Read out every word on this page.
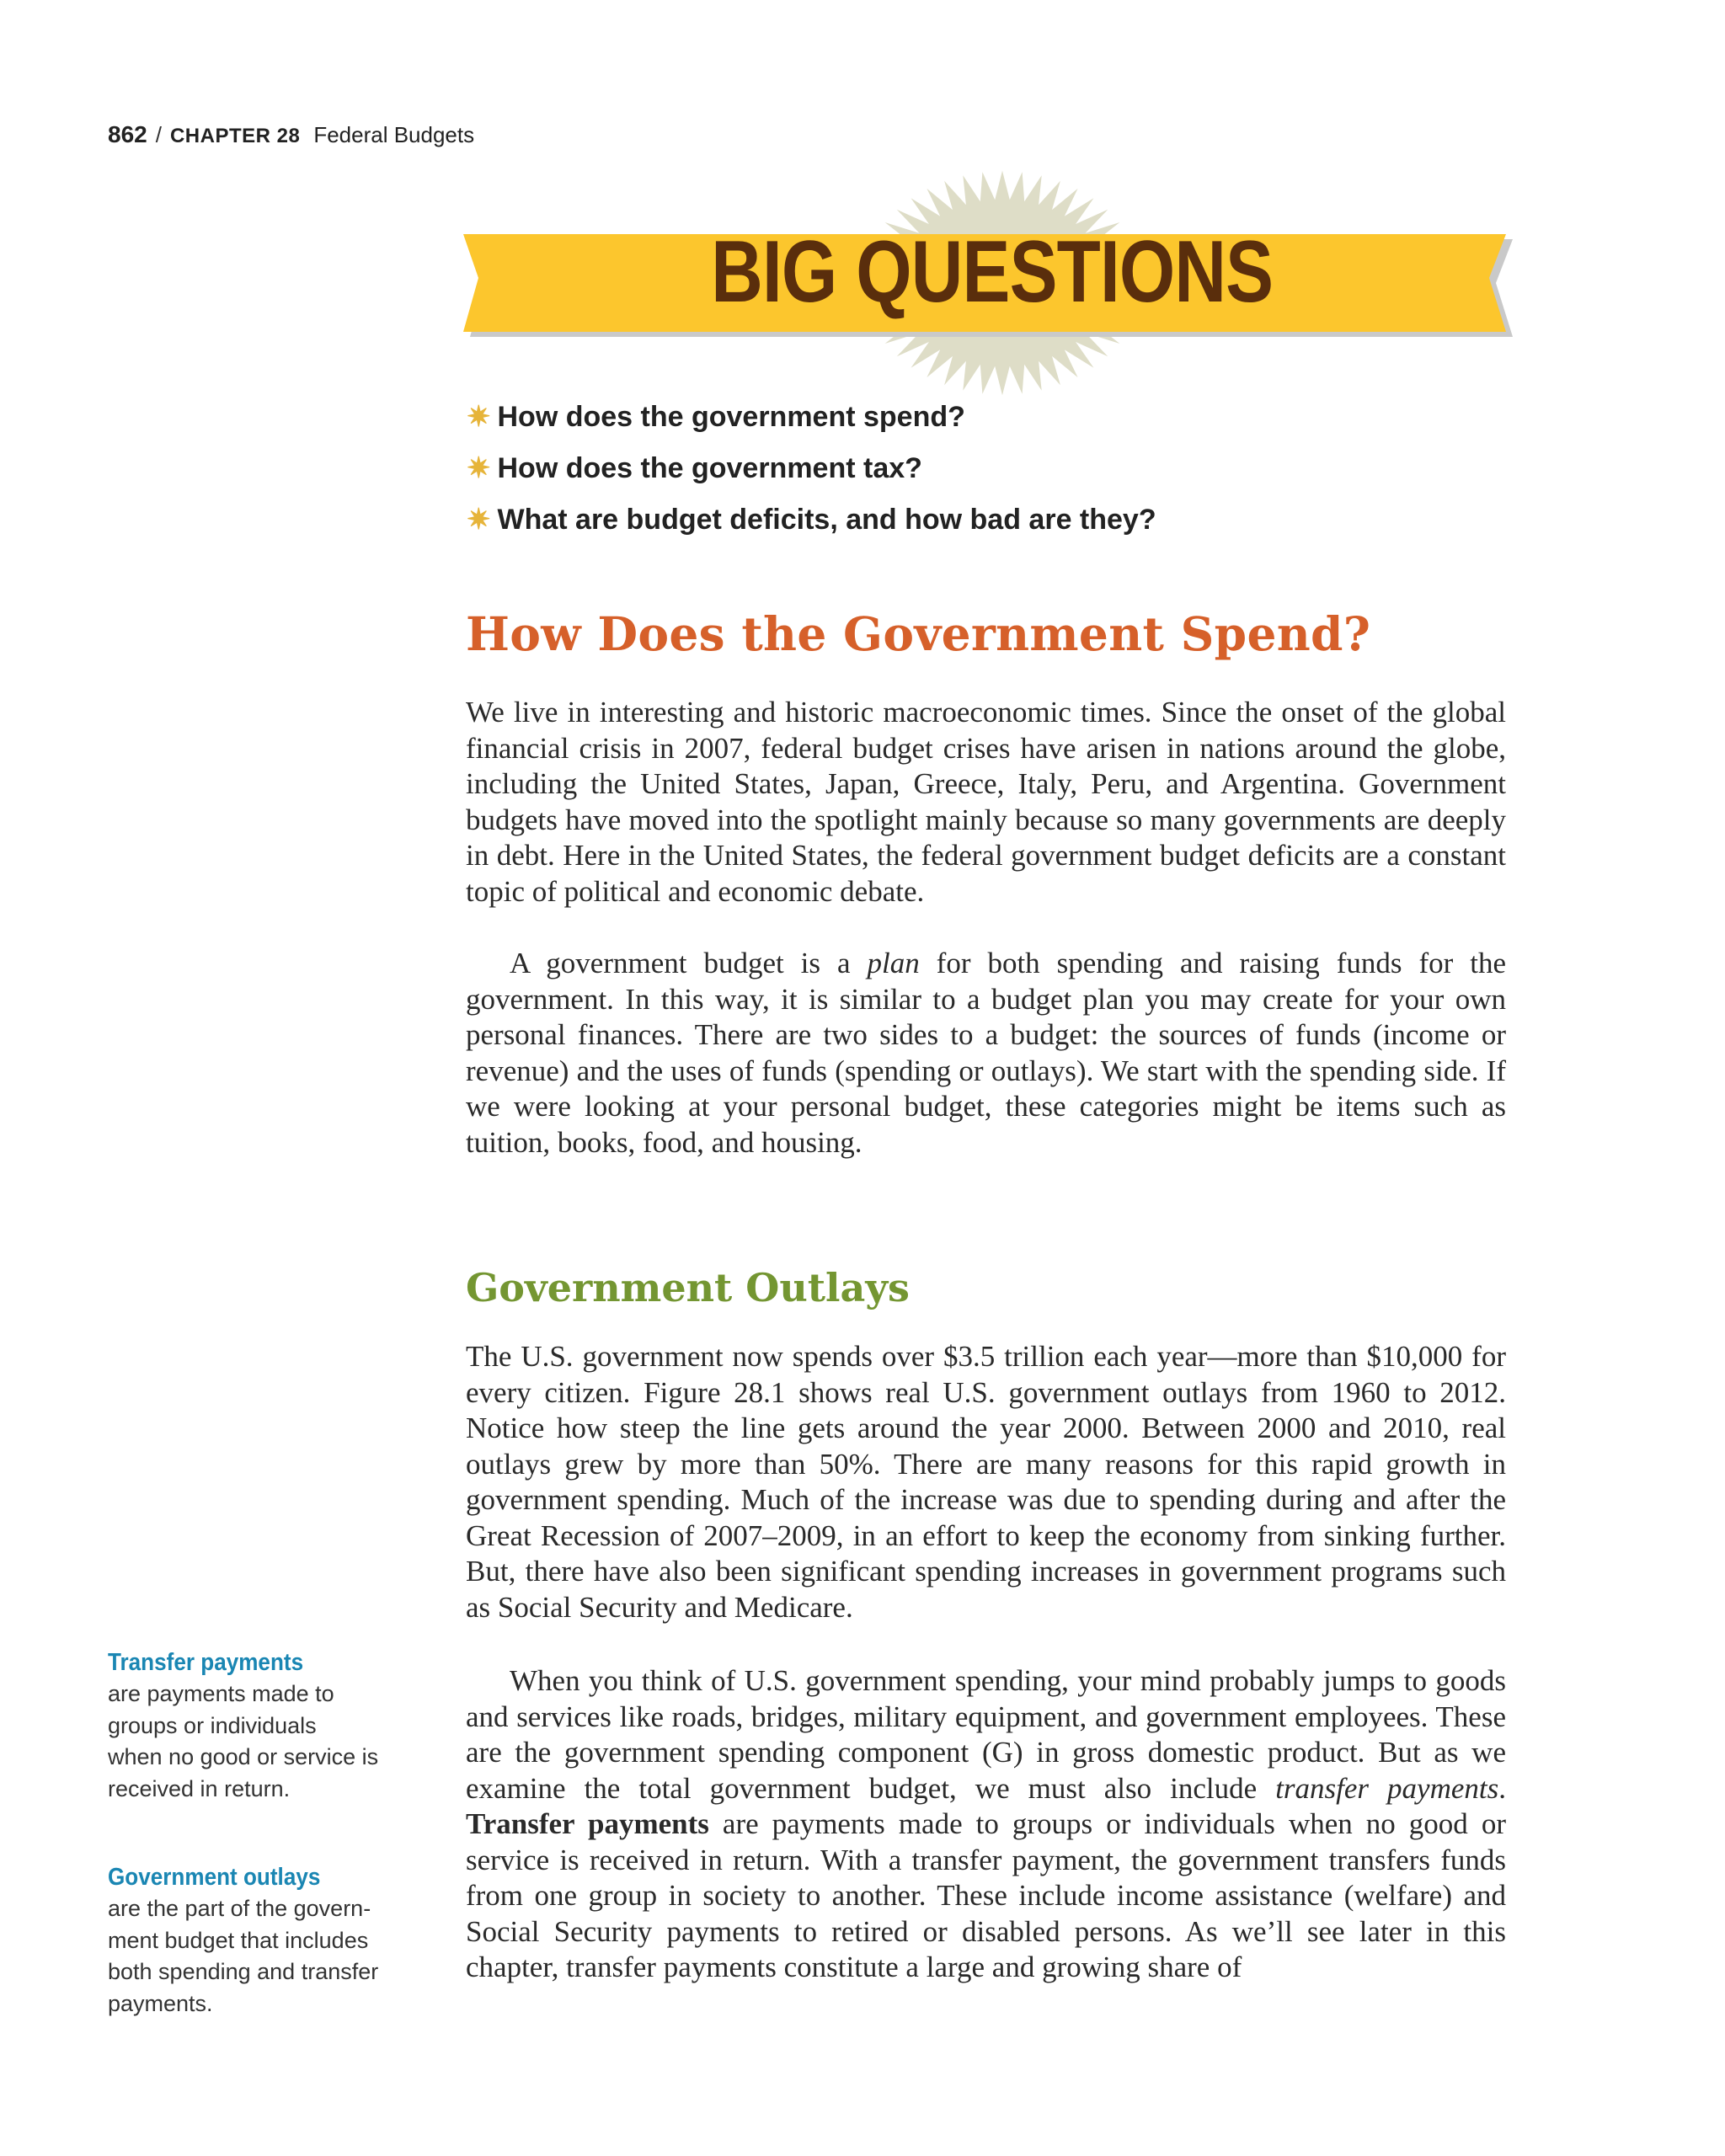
862 / CHAPTER 28 Federal Budgets
BIG QUESTIONS
✷ How does the government spend?
✷ How does the government tax?
✷ What are budget deficits, and how bad are they?
How Does the Government Spend?

We live in interesting and historic macroeconomic times. Since the onset of the global financial crisis in 2007, federal budget crises have arisen in nations around the globe, including the United States, Japan, Greece, Italy, Peru, and Argentina. Government budgets have moved into the spotlight mainly because so many governments are deeply in debt. Here in the United States, the federal government budget deficits are a constant topic of political and economic debate.

A government budget is a plan for both spending and raising funds for the government. In this way, it is similar to a budget plan you may create for your own personal finances. There are two sides to a budget: the sources of funds (income or revenue) and the uses of funds (spending or outlays). We start with the spending side. If we were looking at your personal budget, these categories might be items such as tuition, books, food, and housing.

Government Outlays

The U.S. government now spends over $3.5 trillion each year—more than $10,000 for every citizen. Figure 28.1 shows real U.S. government outlays from 1960 to 2012. Notice how steep the line gets around the year 2000. Between 2000 and 2010, real outlays grew by more than 50%. There are many reasons for this rapid growth in government spending. Much of the increase was due to spending during and after the Great Recession of 2007–2009, in an effort to keep the economy from sinking further. But, there have also been significant spending increases in government programs such as Social Security and Medicare.

When you think of U.S. government spending, your mind probably jumps to goods and services like roads, bridges, military equipment, and government employees. These are the government spending component (G) in gross domestic product. But as we examine the total government budget, we must also include transfer payments. Transfer payments are payments made to groups or individuals when no good or service is received in return. With a transfer payment, the government transfers funds from one group in society to another. These include income assistance (welfare) and Social Security payments to retired or disabled persons. As we’ll see later in this chapter, transfer payments constitute a large and growing share of

Transfer payments
are payments made to
groups or individuals
when no good or service is
received in return.
Government outlays
are the part of the govern-
ment budget that includes
both spending and transfer
payments.
